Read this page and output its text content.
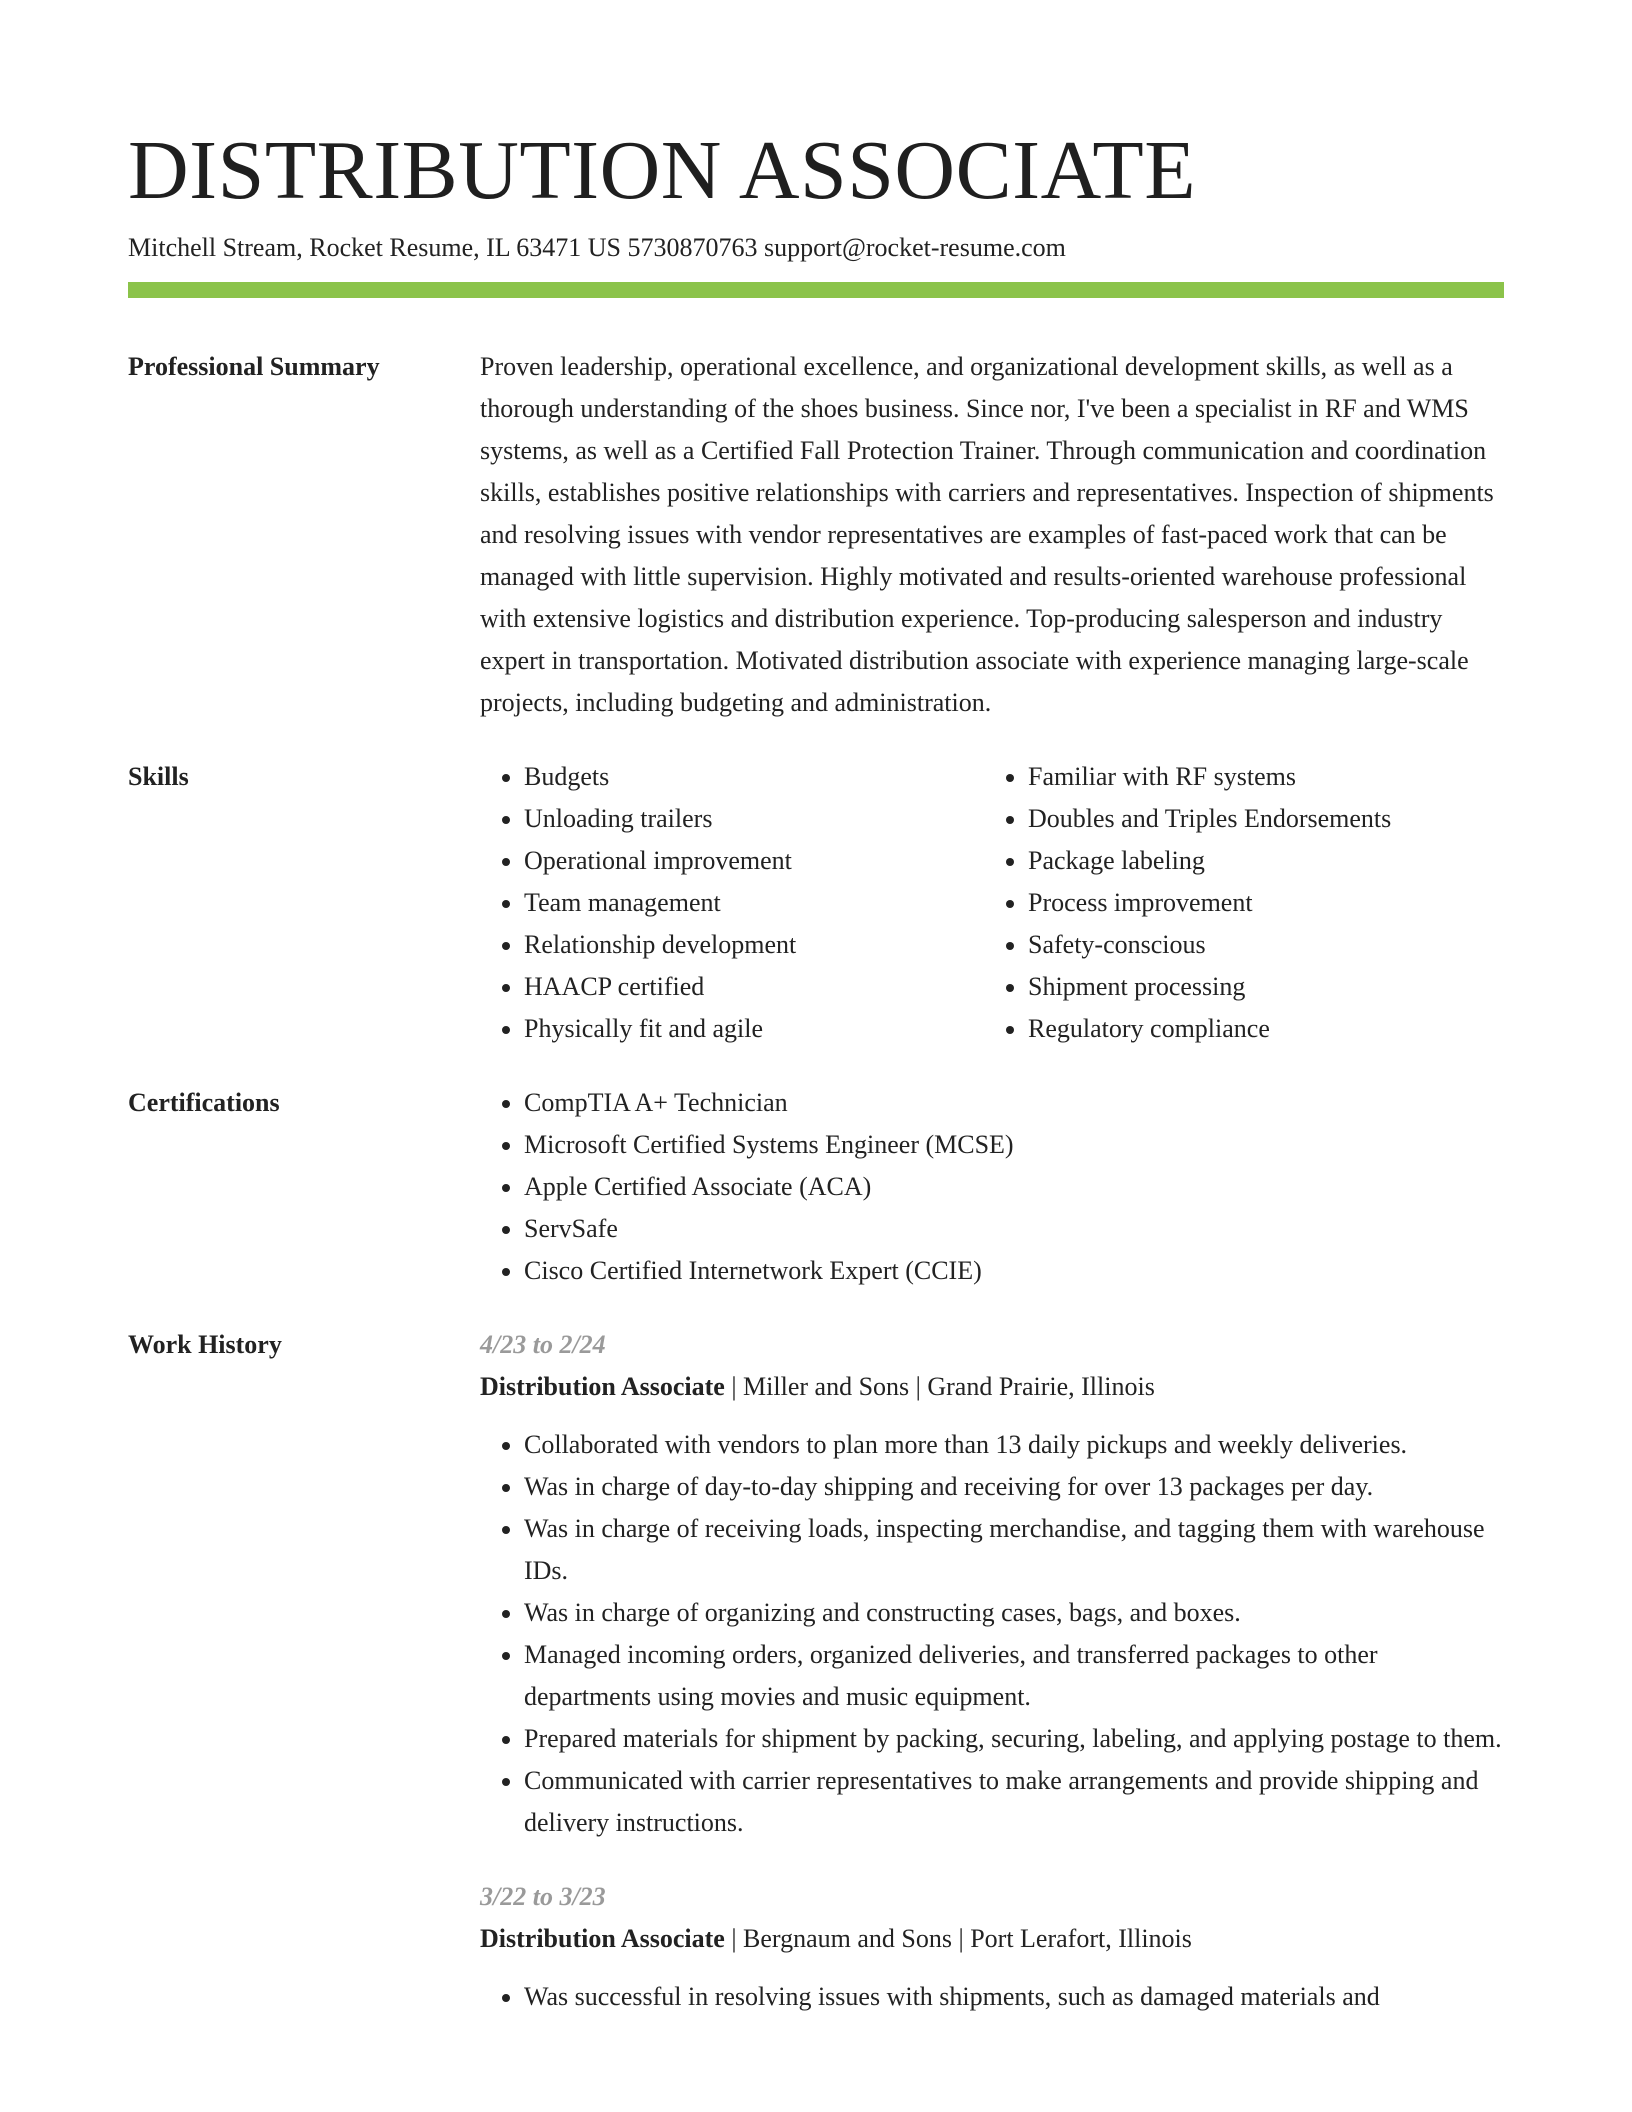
DISTRIBUTION ASSOCIATE
Mitchell Stream, Rocket Resume, IL 63471 US 5730870763 support@rocket-resume.com
Professional Summary	Proven leadership, operational excellence, and organizational development skills, as well as a thorough understanding of the shoes business. Since nor, I've been a specialist in RF and WMS systems, as well as a Certified Fall Protection Trainer. Through communication and coordination skills, establishes positive relationships with carriers and representatives. Inspection of shipments and resolving issues with vendor representatives are examples of fast-paced work that can be managed with little supervision. Highly motivated and results-oriented warehouse professional with extensive logistics and distribution experience. Top-producing salesperson and industry expert in transportation. Motivated distribution associate with experience managing large-scale projects, including budgeting and administration.
Skills	• Budgets
• Unloading trailers
• Operational improvement
• Team management
• Relationship development
• HAACP certified
• Physically fit and agile
• Familiar with RF systems
• Doubles and Triples Endorsements
• Package labeling
• Process improvement
• Safety-conscious
• Shipment processing
• Regulatory compliance
Certifications	• CompTIA A+ Technician
• Microsoft Certified Systems Engineer (MCSE)
• Apple Certified Associate (ACA)
• ServSafe
• Cisco Certified Internetwork Expert (CCIE)
Work History	4/23 to 2/24
Distribution Associate | Miller and Sons | Grand Prairie, Illinois
• Collaborated with vendors to plan more than 13 daily pickups and weekly deliveries.
• Was in charge of day-to-day shipping and receiving for over 13 packages per day.
• Was in charge of receiving loads, inspecting merchandise, and tagging them with warehouse IDs.
• Was in charge of organizing and constructing cases, bags, and boxes.
• Managed incoming orders, organized deliveries, and transferred packages to other departments using movies and music equipment.
• Prepared materials for shipment by packing, securing, labeling, and applying postage to them.
• Communicated with carrier representatives to make arrangements and provide shipping and delivery instructions.
3/22 to 3/23
Distribution Associate | Bergnaum and Sons | Port Lerafort, Illinois
• Was successful in resolving issues with shipments, such as damaged materials and
